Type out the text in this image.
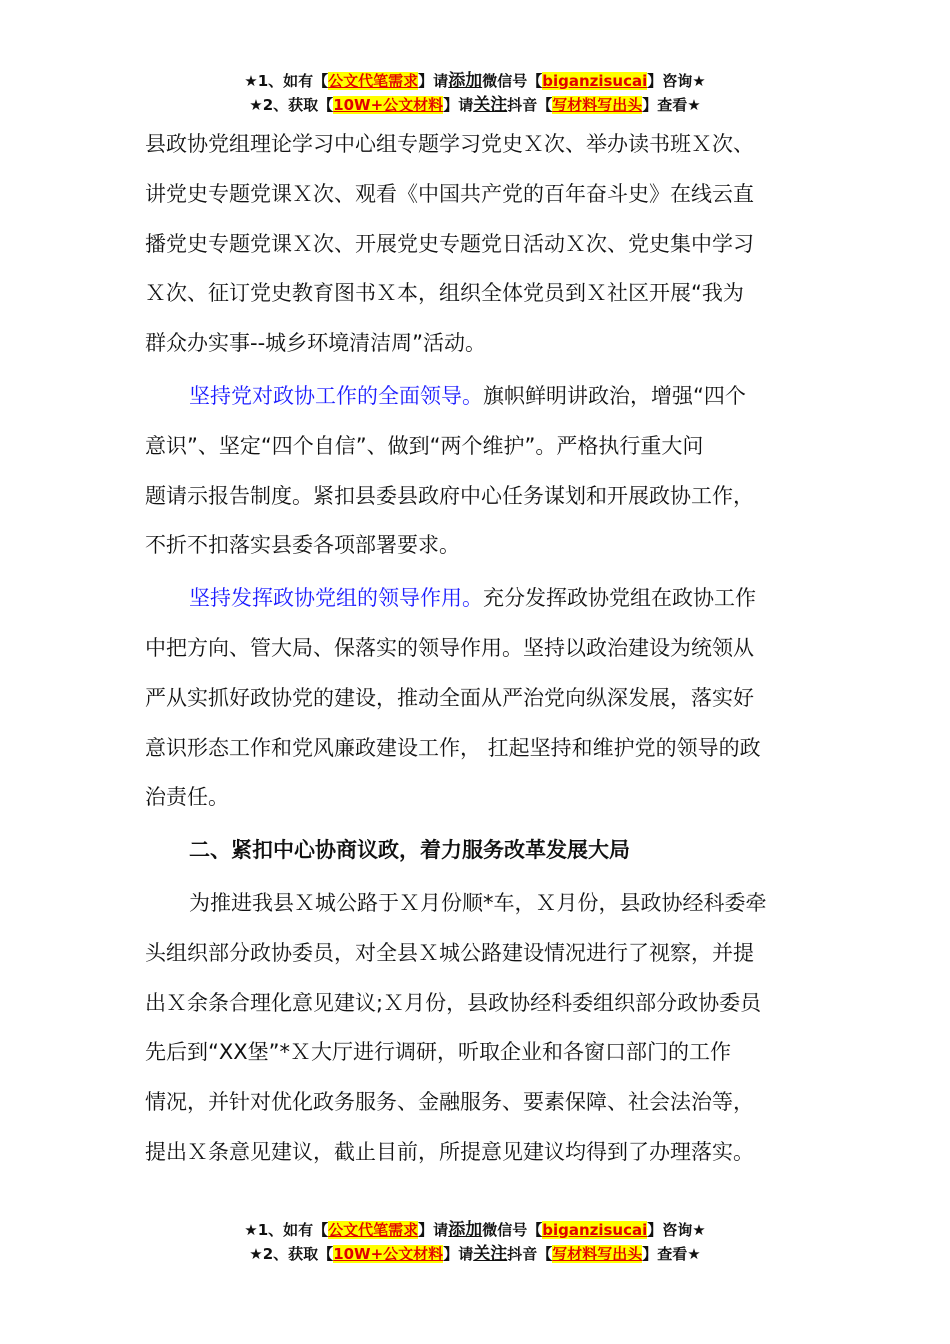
★1、如有【公文代笔需求】请添加微信号【biganzisucai】咨询★
★2、获取【10W+公文材料】请关注抖音【写材料写出头】查看★
县政协党组理论学习中心组专题学习党史Ｘ次、举办读书班Ｘ次、
讲党史专题党课Ｘ次、观看《中国共产党的百年奋斗史》在线云直
播党史专题党课Ｘ次、开展党史专题党日活动Ｘ次、党史集中学习
Ｘ次、征订党史教育图书Ｘ本，组织全体党员到Ｘ社区开展“我为
群众办实事--城乡环境清洁周”活动。
坚持党对政协工作的全面领导。旗帜鲜明讲政治，增强“四个
意识”、坚定“四个自信”、做到“两个维护”。严格执行重大问
题请示报告制度。紧扣县委县政府中心任务谋划和开展政协工作，
不折不扣落实县委各项部署要求。
坚持发挥政协党组的领导作用。充分发挥政协党组在政协工作
中把方向、管大局、保落实的领导作用。坚持以政治建设为统领从
严从实抓好政协党的建设，推动全面从严治党向纵深发展，落实好
意识形态工作和党风廉政建设工作， 扛起坚持和维护党的领导的政
治责任。
二、紧扣中心协商议政，着力服务改革发展大局
为推进我县Ｘ城公路于Ｘ月份顺*车，Ｘ月份，县政协经科委牵
头组织部分政协委员，对全县Ｘ城公路建设情况进行了视察，并提
出Ｘ余条合理化意见建议;Ｘ月份，县政协经科委组织部分政协委员
先后到“XX堡”*Ｘ大厅进行调研，听取企业和各窗口部门的工作
情况，并针对优化政务服务、金融服务、要素保障、社会法治等，
提出Ｘ条意见建议，截止目前，所提意见建议均得到了办理落实。
★1、如有【公文代笔需求】请添加微信号【biganzisucai】咨询★
★2、获取【10W+公文材料】请关注抖音【写材料写出头】查看★
